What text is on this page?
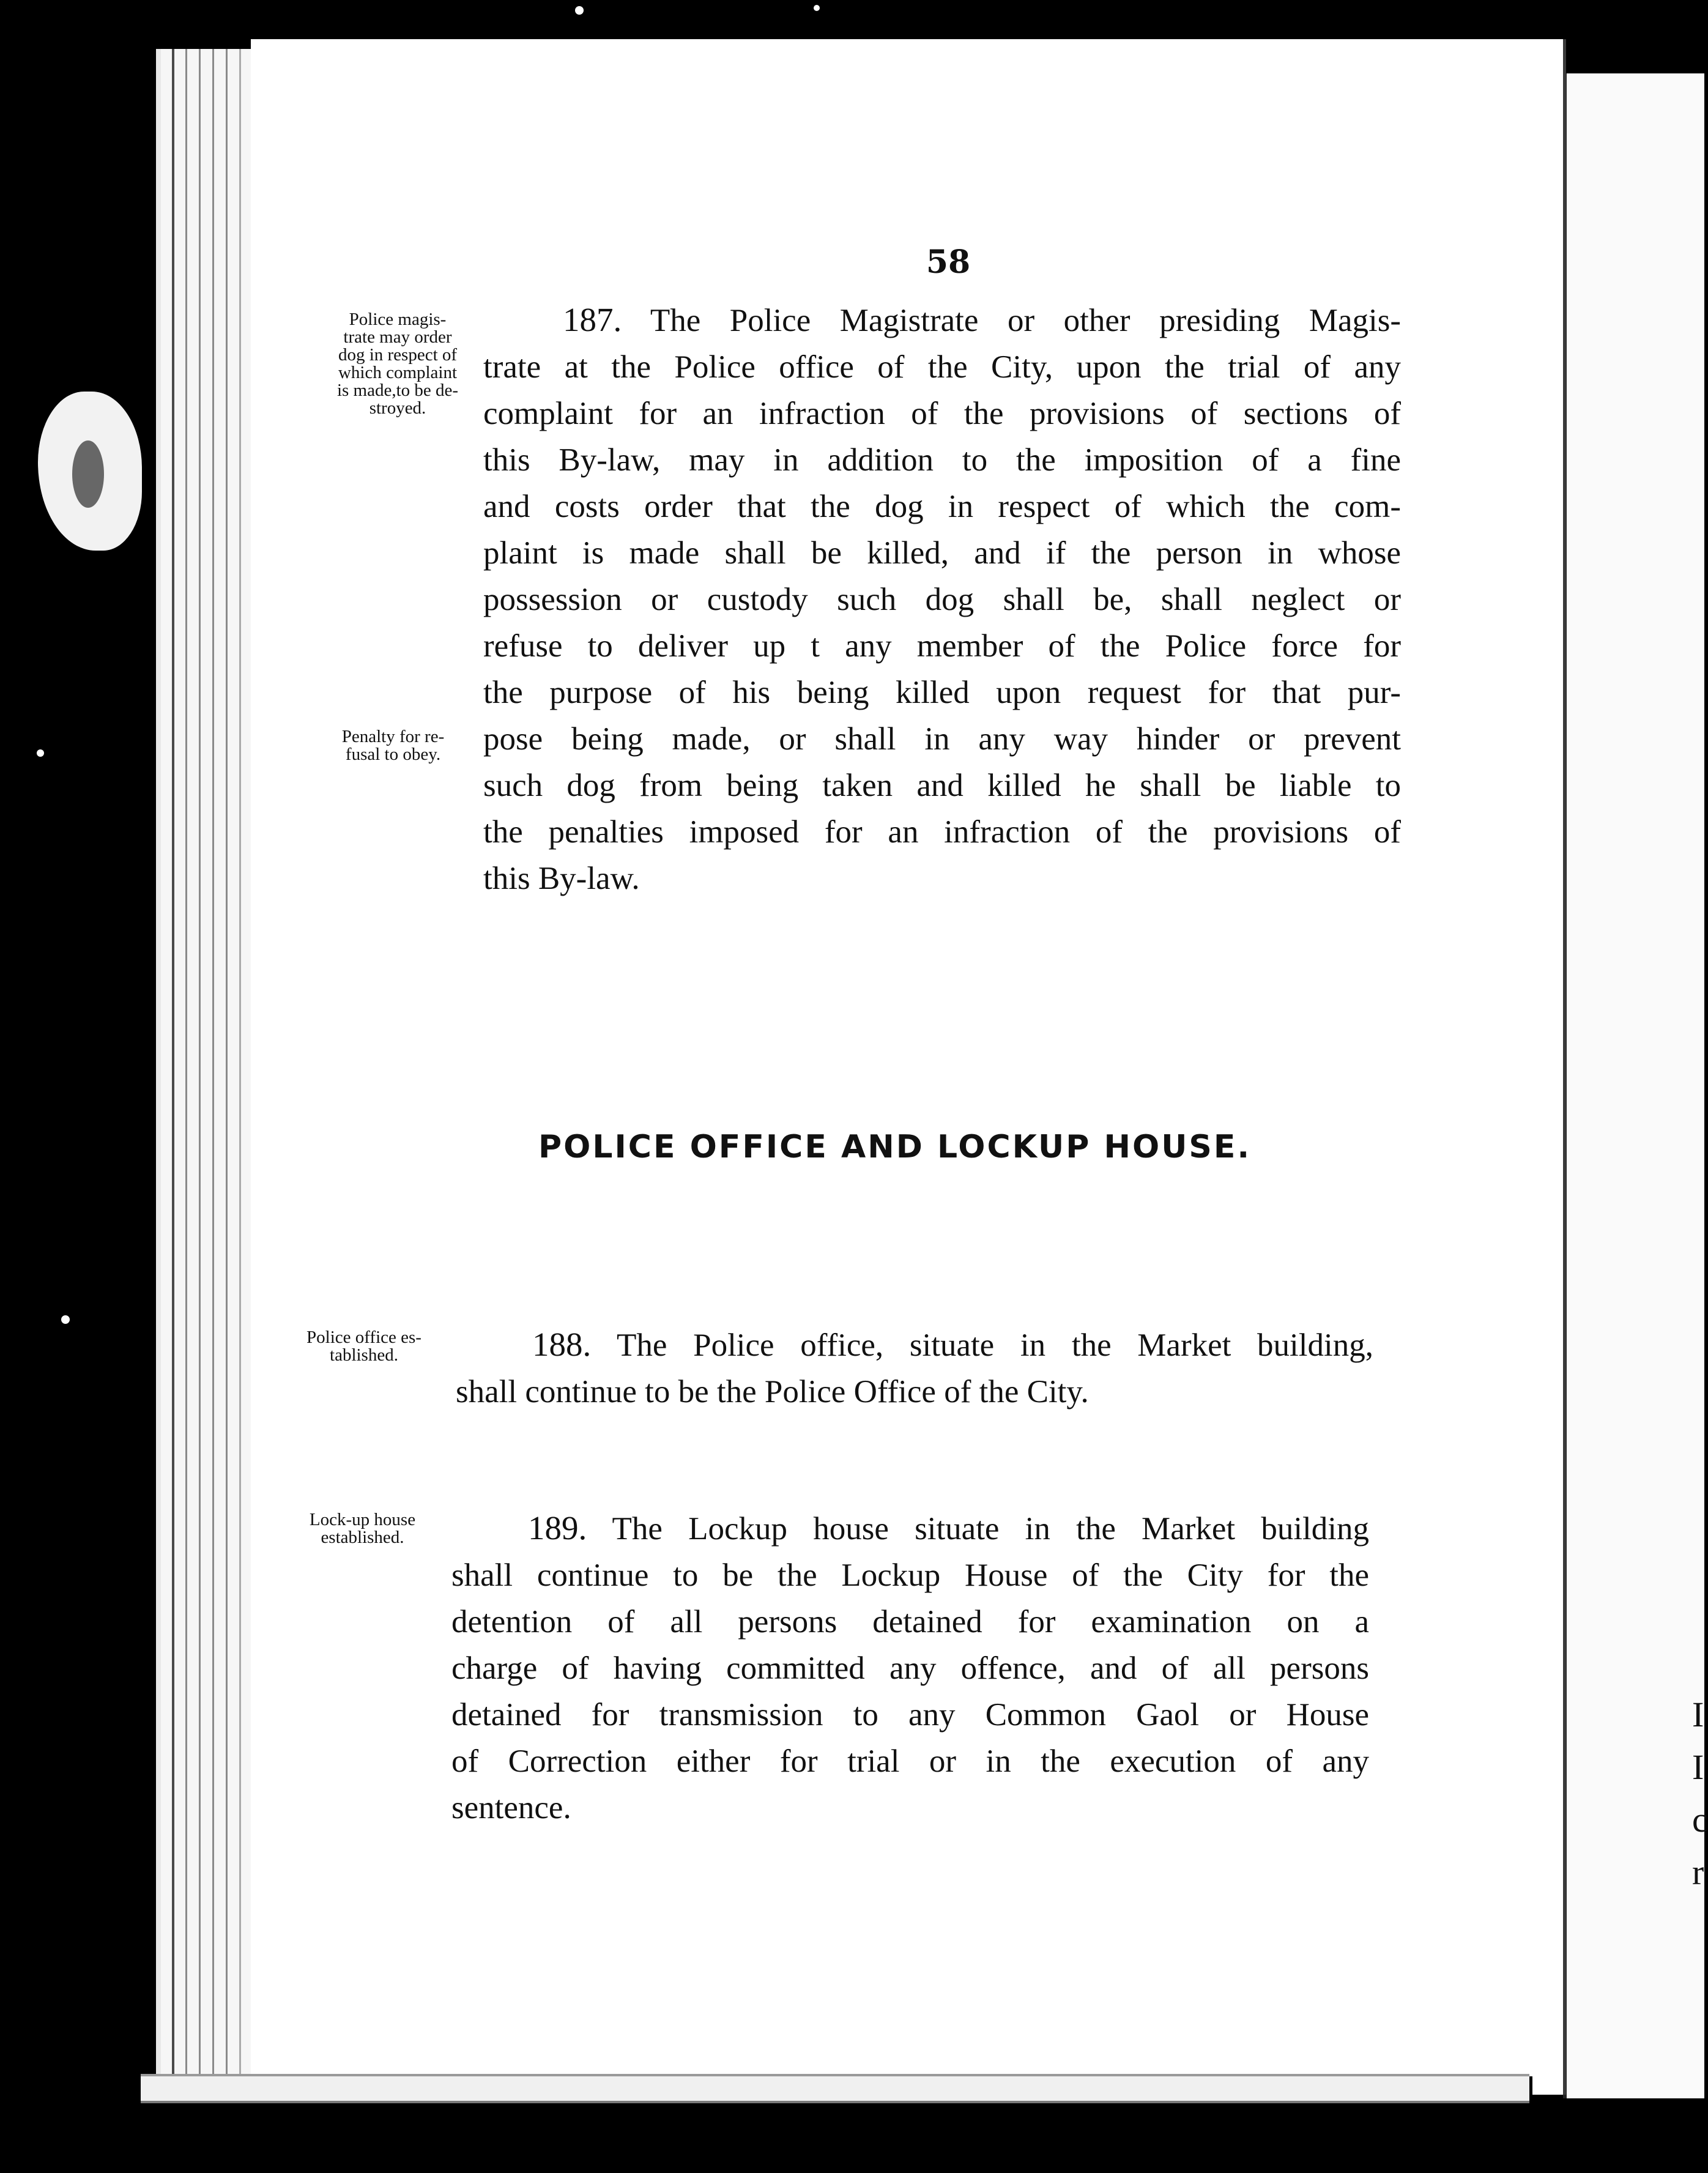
I
I
c
r
58
Police magis-
trate may order
dog in respect of
which complaint
is made,to be de-
stroyed.
Penalty for re-
fusal to obey.
187. The Police Magistrate or other presiding Magis-
trate at the Police office of the City, upon the trial of any
complaint for an infraction of the provisions of sections of
this By-law, may in addition to the imposition of a fine
and costs order that the dog in respect of which the com-
plaint is made shall be killed, and if the person in whose
possession or custody such dog shall be, shall neglect or
refuse to deliver up t any member of the Police force for
the purpose of his being killed upon request for that pur-
pose being made, or shall in any way hinder or prevent
such dog from being taken and killed he shall be liable to
the penalties imposed for an infraction of the provisions of
this By-law.
POLICE OFFICE AND LOCKUP HOUSE.
Police office es-
tablished.	188. The Police office, situate in the Market building,
shall continue to be the Police Office of the City.
Lock-up house
established.	189. The Lockup house situate in the Market building
shall continue to be the Lockup House of the City for the
detention of all persons detained for examination on a
charge of having committed any offence, and of all persons
detained for transmission to any Common Gaol or House
of Correction either for trial or in the execution of any
sentence.
